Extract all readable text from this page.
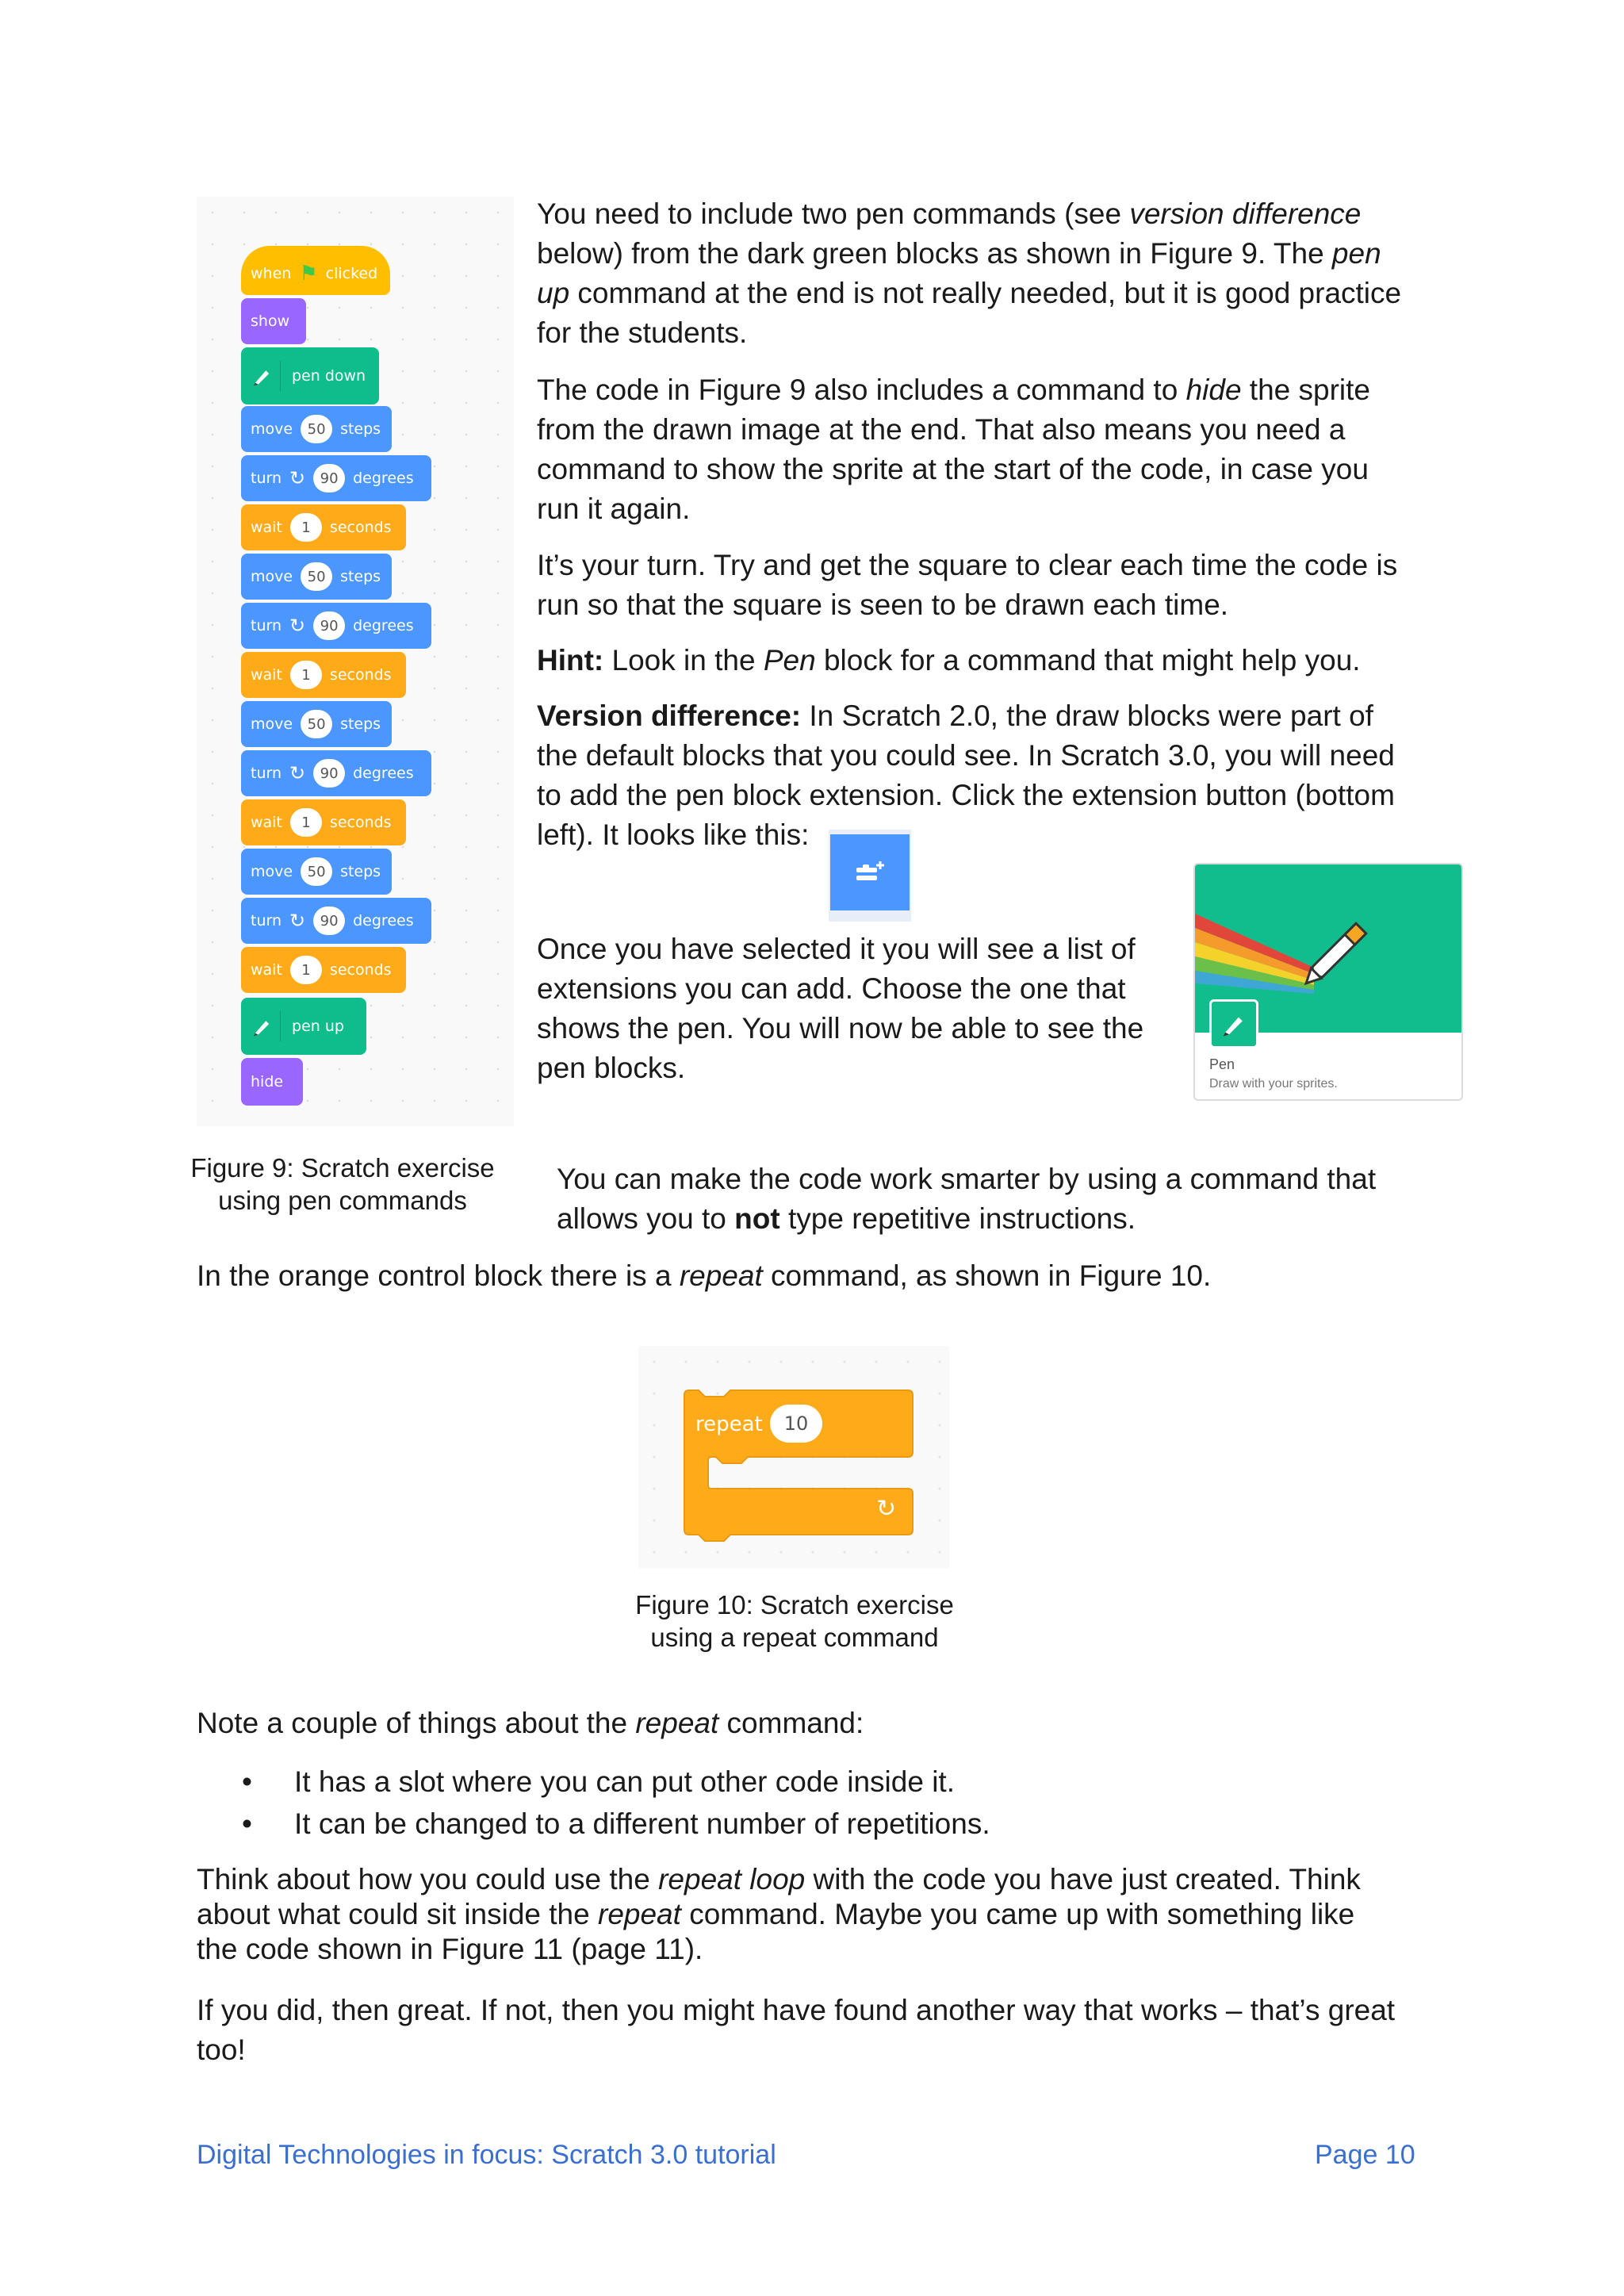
when ⚑ clicked
show
pen down
move	50 steps
turn ↻	90 degrees
wait	1	seconds
move	50 steps
turn ↻	90 degrees
wait	1	seconds
move	50 steps
turn ↻	90 degrees
wait	1	seconds
move	50 steps
turn ↻	90 degrees
wait	1	seconds
pen up
hide
You need to include two pen commands (see version difference
below) from the dark green blocks as shown in Figure 9. The pen
up command at the end is not really needed, but it is good practice
for the students.
The code in Figure 9 also includes a command to hide the sprite
from the drawn image at the end. That also means you need a
command to show the sprite at the start of the code, in case you
run it again.
It’s your turn. Try and get the square to clear each time the code is
run so that the square is seen to be drawn each time.
Hint: Look in the Pen block for a command that might help you.
Version difference: In Scratch 2.0, the draw blocks were part of
the default blocks that you could see. In Scratch 3.0, you will need
to add the pen block extension. Click the extension button (bottom
left). It looks like this:
Once you have selected it you will see a list of
extensions you can add. Choose the one that
shows the pen. You will now be able to see the
pen blocks.	Pen
Draw with your sprites.
Figure 9: Scratch exercise
using pen commands
You can make the code work smarter by using a command that
allows you to not type repetitive instructions.
In the orange control block there is a repeat command, as shown in Figure 10.
repeat	10
↻
Figure 10: Scratch exercise
using a repeat command
Note a couple of things about the repeat command:
• It has a slot where you can put other code inside it.
• It can be changed to a different number of repetitions.
Think about how you could use the repeat loop with the code you have just created. Think
about what could sit inside the repeat command. Maybe you came up with something like
the code shown in Figure 11 (page 11).
If you did, then great. If not, then you might have found another way that works – that’s great
too!
Digital Technologies in focus: Scratch 3.0 tutorial	Page 10
